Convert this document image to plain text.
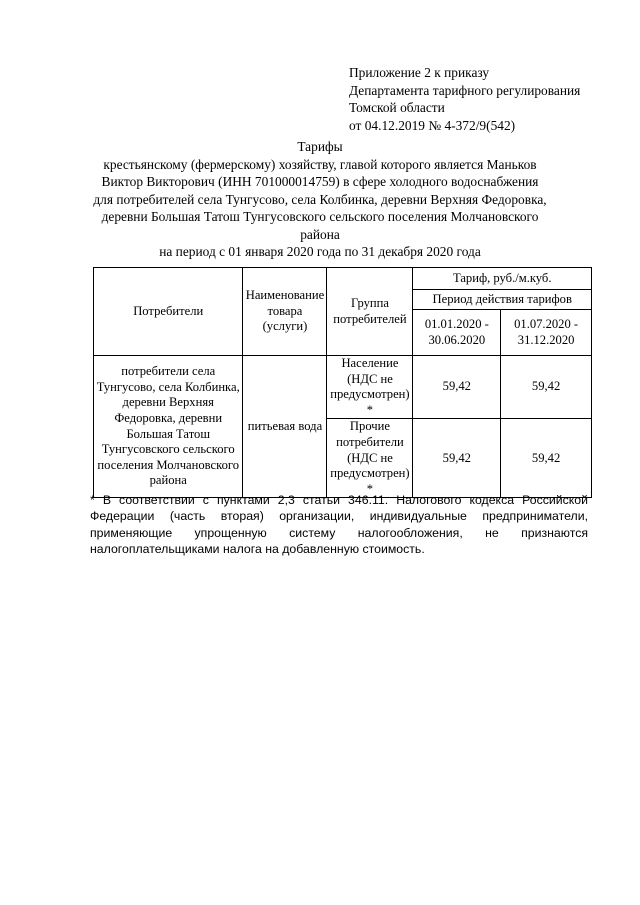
Приложение 2 к приказу
Департамента тарифного регулирования
Томской области
от 04.12.2019 № 4-372/9(542)
Тарифы
крестьянскому (фермерскому) хозяйству, главой которого является Маньков
Виктор Викторович (ИНН 701000014759) в сфере холодного водоснабжения
для потребителей села Тунгусово, села Колбинка, деревни Верхняя Федоровка,
деревни Большая Татош Тунгусовского сельского поселения Молчановского
района
на период с 01 января 2020 года по 31 декабря 2020 года
Потребители	Наименование товара (услуги)	Группа потребителей	Тариф, руб./м.куб.	
			Период действия тарифов	
			01.01.2020 - 30.06.2020	01.07.2020 - 31.12.2020
потребители села Тунгусово, села Колбинка, деревни Верхняя Федоровка, деревни Большая Татош Тунгусовского сельского поселения Молчановского района	питьевая вода	Население (НДС не предусмотрен) *	59,42	59,42
		Прочие потребители (НДС не предусмотрен) *	59,42	59,42
* В соответствии с пунктами 2,3 статьи 346.11. Налогового кодекса Российской
Федерации (часть вторая) организации, индивидуальные предприниматели,
применяющие упрощенную систему налогообложения, не признаются
налогоплательщиками налога на добавленную стоимость.
